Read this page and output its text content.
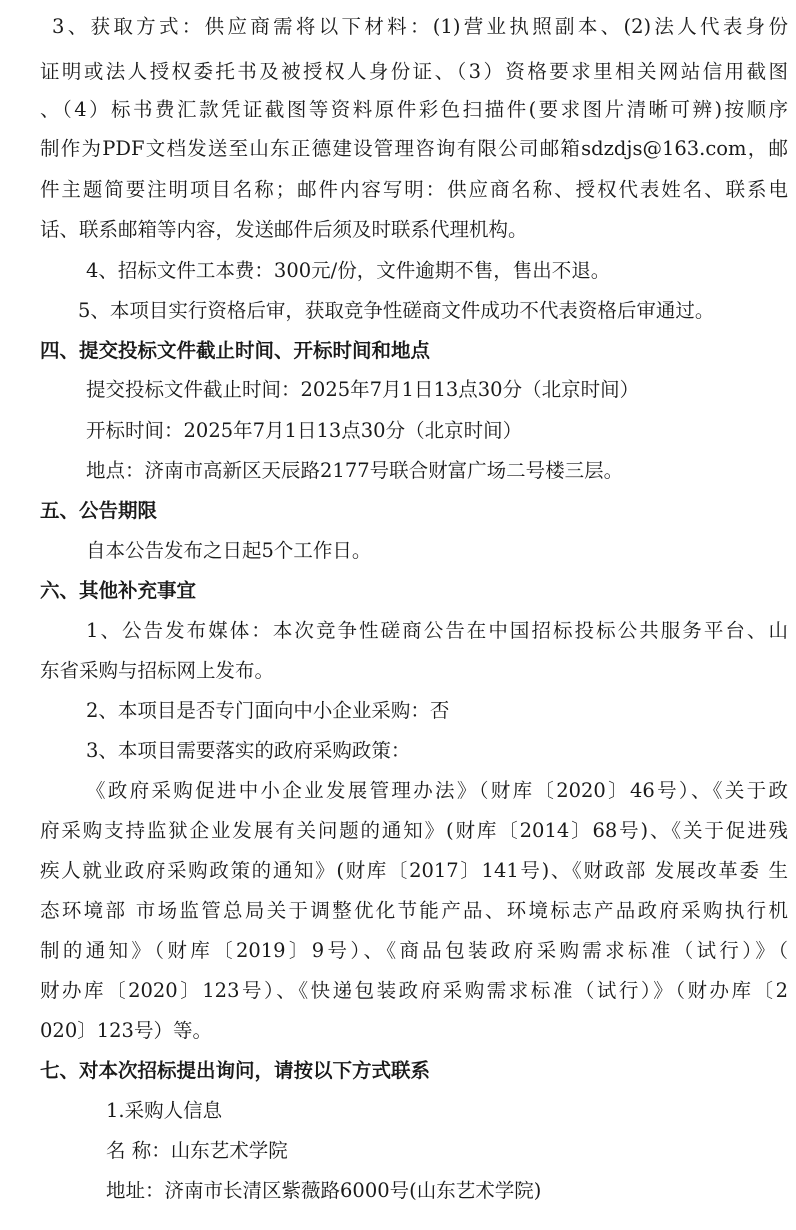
3、获取方式：供应商需将以下材料：(1)营业执照副本、(2)法人代表身份
证明或法人授权委托书及被授权人身份证、（3）资格要求里相关网站信用截图
、（4）标书费汇款凭证截图等资料原件彩色扫描件(要求图片清晰可辨)按顺序
制作为PDF文档发送至山东正德建设管理咨询有限公司邮箱sdzdjs@163.com，邮
件主题简要注明项目名称；邮件内容写明：供应商名称、授权代表姓名、联系电
话、联系邮箱等内容，发送邮件后须及时联系代理机构。
4、招标文件工本费：300元/份，文件逾期不售，售出不退。
5、本项目实行资格后审，获取竞争性磋商文件成功不代表资格后审通过。
四、提交投标文件截止时间、开标时间和地点
提交投标文件截止时间：2025年7月1日13点30分（北京时间）
开标时间：2025年7月1日13点30分（北京时间）
地点：济南市高新区天辰路2177号联合财富广场二号楼三层。
五、公告期限
自本公告发布之日起5个工作日。
六、其他补充事宜
1、公告发布媒体：本次竞争性磋商公告在中国招标投标公共服务平台、山
东省采购与招标网上发布。
2、本项目是否专门面向中小企业采购：否
3、本项目需要落实的政府采购政策：
《政府采购促进中小企业发展管理办法》（财库〔2020〕46号）、《关于政
府采购支持监狱企业发展有关问题的通知》(财库〔2014〕68号)、《关于促进残
疾人就业政府采购政策的通知》(财库〔2017〕141号)、《财政部 发展改革委 生
态环境部 市场监管总局关于调整优化节能产品、环境标志产品政府采购执行机
制的通知》（财库〔2019〕9号）、《商品包装政府采购需求标准（试行）》（
财办库〔2020〕123号）、《快递包装政府采购需求标准（试行）》（财办库〔2
020〕123号）等。
七、对本次招标提出询问，请按以下方式联系
1.采购人信息
名 称：山东艺术学院
地址：济南市长清区紫薇路6000号(山东艺术学院)
